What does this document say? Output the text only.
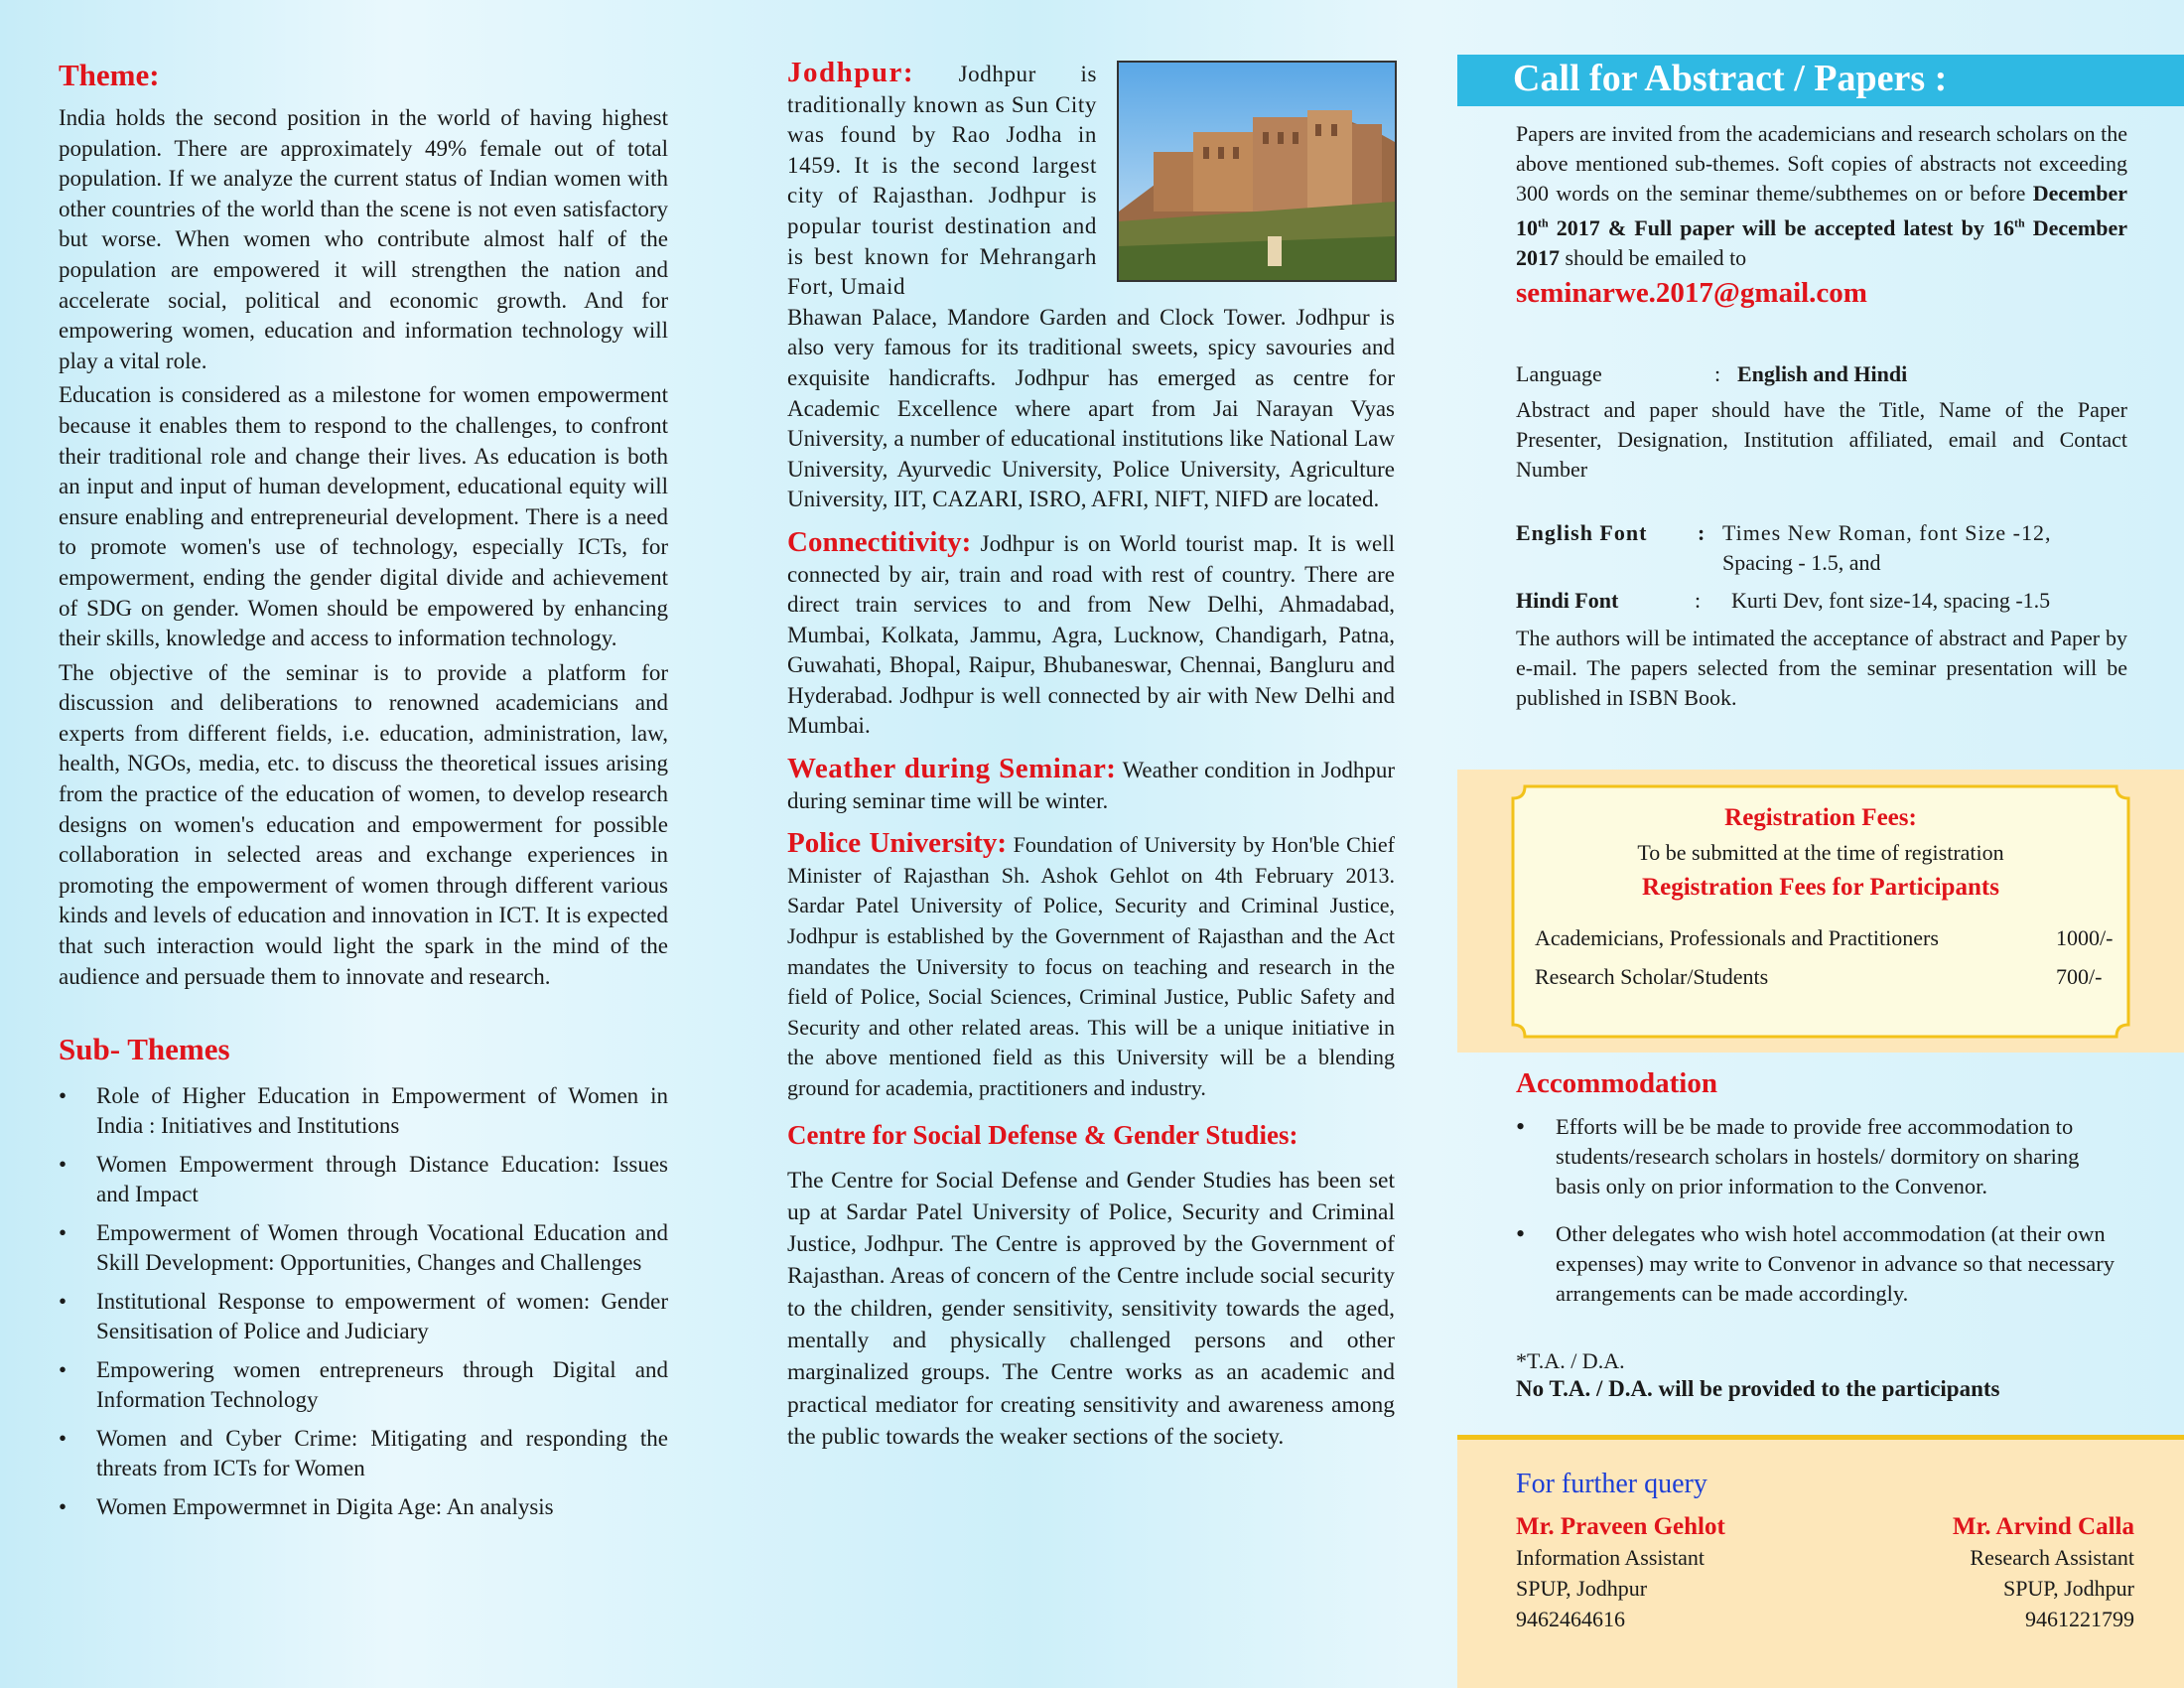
Theme:

India holds the second position in the world of having highest population. There are approximately 49% female out of total population. If we analyze the current status of Indian women with other countries of the world than the scene is not even satisfactory but worse. When women who contribute almost half of the population are empowered it will strengthen the nation and accelerate social, political and economic growth. And for empowering women, education and information technology will play a vital role.

Education is considered as a milestone for women empowerment because it enables them to respond to the challenges, to confront their traditional role and change their lives. As education is both an input and input of human development, educational equity will ensure enabling and entrepreneurial development. There is a need to promote women's use of technology, especially ICTs, for empowerment, ending the gender digital divide and achievement of SDG on gender. Women should be empowered by enhancing their skills, knowledge and access to information technology.

The objective of the seminar is to provide a platform for discussion and deliberations to renowned academicians and experts from different fields, i.e. education, administration, law, health, NGOs, media, etc. to discuss the theoretical issues arising from the practice of the education of women, to develop research designs on women's education and empowerment for possible collaboration in selected areas and exchange experiences in promoting the empowerment of women through different various kinds and levels of education and innovation in ICT. It is expected that such interaction would light the spark in the mind of the audience and persuade them to innovate and research.

Sub- Themes
• Role of Higher Education in Empowerment of Women in India : Initiatives and Institutions
• Women Empowerment through Distance Education: Issues and Impact
• Empowerment of Women through Vocational Education and Skill Development: Opportunities, Changes and Challenges
• Institutional Response to empowerment of women: Gender Sensitisation of Police and Judiciary
• Empowering women entrepreneurs through Digital and Information Technology
• Women and Cyber Crime: Mitigating and responding the threats from ICTs for Women
• Women Empowermnet in Digita Age: An analysis

Jodhpur: Jodhpur is traditionally known as Sun City was found by Rao Jodha in 1459. It is the second largest city of Rajasthan. Jodhpur is popular tourist destination and is best known for Mehrangarh Fort, Umaid

Bhawan Palace, Mandore Garden and Clock Tower. Jodhpur is also very famous for its traditional sweets, spicy savouries and exquisite handicrafts. Jodhpur has emerged as centre for Academic Excellence where apart from Jai Narayan Vyas University, a number of educational institutions like National Law University, Ayurvedic University, Police University, Agriculture University, IIT, CAZARI, ISRO, AFRI, NIFT, NIFD are located.

Connectitivity: Jodhpur is on World tourist map. It is well connected by air, train and road with rest of country. There are direct train services to and from New Delhi, Ahmadabad, Mumbai, Kolkata, Jammu, Agra, Lucknow, Chandigarh, Patna, Guwahati, Bhopal, Raipur, Bhubaneswar, Chennai, Bangluru and Hyderabad. Jodhpur is well connected by air with New Delhi and Mumbai.

Weather during Seminar: Weather condition in Jodhpur during seminar time will be winter.

Police University: Foundation of University by Hon'ble Chief Minister of Rajasthan Sh. Ashok Gehlot on 4th February 2013. Sardar Patel University of Police, Security and Criminal Justice, Jodhpur is established by the Government of Rajasthan and the Act mandates the University to focus on teaching and research in the field of Police, Social Sciences, Criminal Justice, Public Safety and Security and other related areas. This will be a unique initiative in the above mentioned field as this University will be a blending ground for academia, practitioners and industry.

Centre for Social Defense & Gender Studies:

The Centre for Social Defense and Gender Studies has been set up at Sardar Patel University of Police, Security and Criminal Justice, Jodhpur. The Centre is approved by the Government of Rajasthan. Areas of concern of the Centre include social security to the children, gender sensitivity, sensitivity towards the aged, mentally and physically challenged persons and other marginalized groups. The Centre works as an academic and practical mediator for creating sensitivity and awareness among the public towards the weaker sections of the society.

Call for Abstract / Papers :

Papers are invited from the academicians and research scholars on the above mentioned sub-themes. Soft copies of abstracts not exceeding 300 words on the seminar theme/subthemes on or before December 10th 2017 & Full paper will be accepted latest by 16th December 2017 should be emailed to

seminarwe.2017@gmail.com
Language	: English and Hindi

Abstract and paper should have the Title, Name of the Paper Presenter, Designation, Institution affiliated, email and Contact Number

English Font : Times New Roman, font Size -12,
Spacing - 1.5, and
Hindi Font	: Kurti Dev, font size-14, spacing -1.5

The authors will be intimated the acceptance of abstract and Paper by e-mail. The papers selected from the seminar presentation will be published in ISBN Book.

Registration Fees:
To be submitted at the time of registration
Registration Fees for Participants
Academicians, Professionals and Practitioners	1000/-
Research Scholar/Students	700/-
Accommodation
• Efforts will be be made to provide free accommodation to students/research scholars in hostels/ dormitory on sharing basis only on prior information to the Convenor.
• Other delegates who wish hotel accommodation (at their own expenses) may write to Convenor in advance so that necessary arrangements can be made accordingly.
*T.A. / D.A.
No T.A. / D.A. will be provided to the participants
For further query
Mr. Praveen Gehlot
Information Assistant
SPUP, Jodhpur
9462464616
Mr. Arvind Calla
Research Assistant
SPUP, Jodhpur
9461221799
